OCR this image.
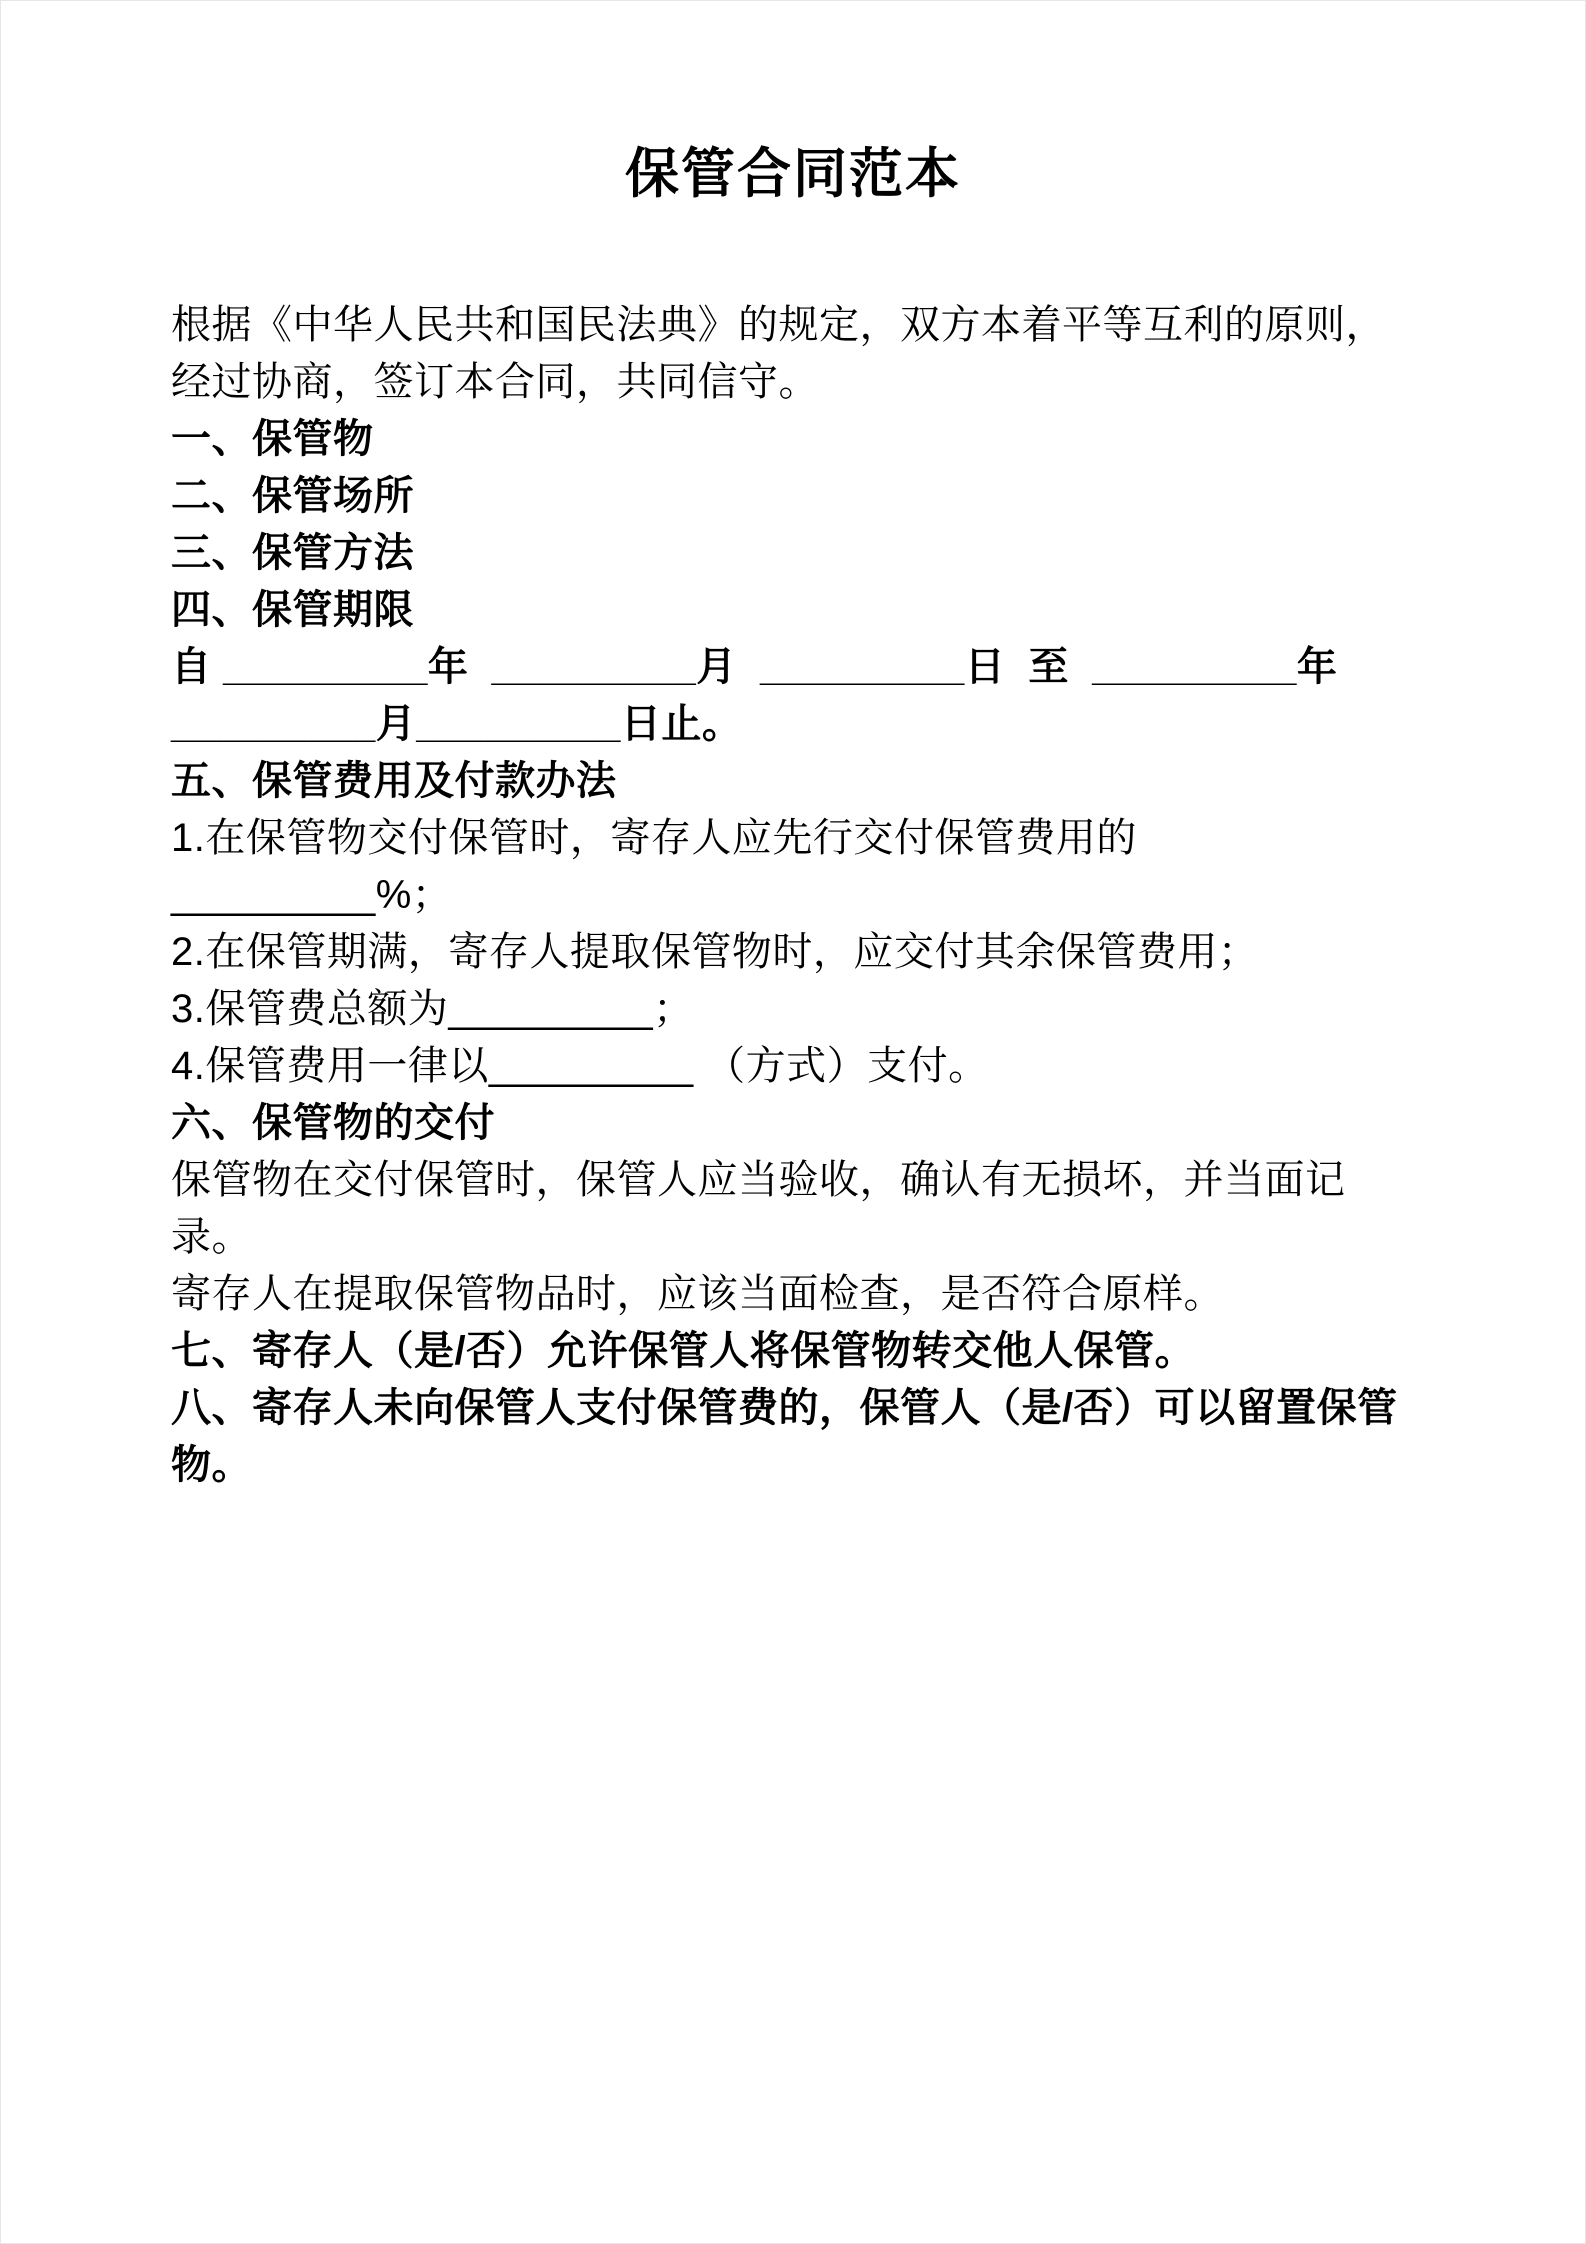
保管合同范本

根据《中华人民共和国民法典》的规定，双方本着平等互利的原则，经过协商，签订本合同，共同信守。

一、保管物

二、保管场所

三、保管方法

四、保管期限

自 _________年  _________月  _________日  至  _________年_________月_________日止。

五、保管费用及付款办法

1.在保管物交付保管时，寄存人应先行交付保管费用的_________%；

2.在保管期满，寄存人提取保管物时，应交付其余保管费用；

3.保管费总额为_________；

4.保管费用一律以_________ （方式）支付。

六、保管物的交付

保管物在交付保管时，保管人应当验收，确认有无损坏，并当面记录。

寄存人在提取保管物品时，应该当面检查，是否符合原样。

七、寄存人（是/否）允许保管人将保管物转交他人保管。

八、寄存人未向保管人支付保管费的，保管人（是/否）可以留置保管物。
